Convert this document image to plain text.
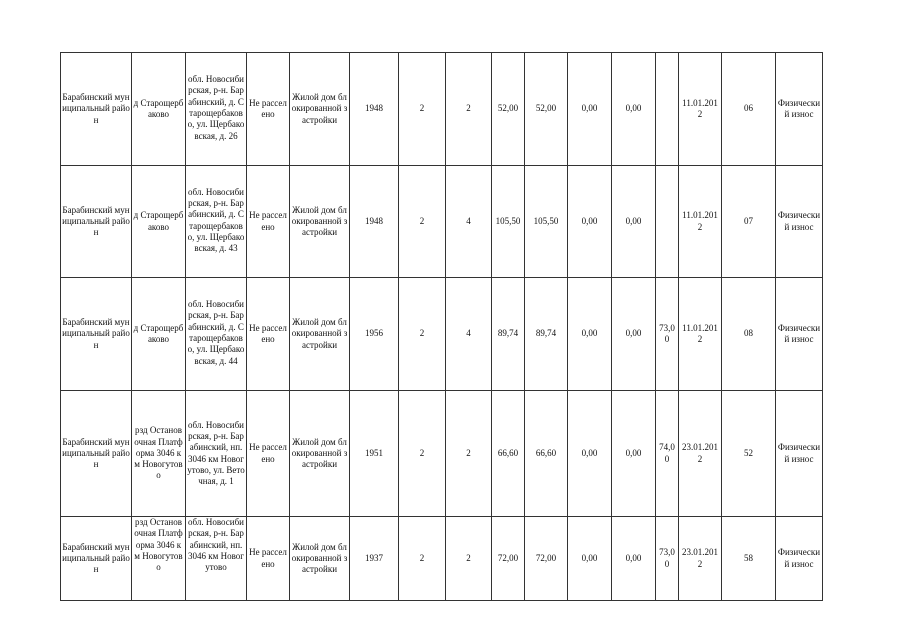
Барабинский муниципальный район	д Старощербаково	обл. Новосибирская, р-н. Барабинский, д. Старощербаково, ул. Щербаковская, д. 26	Не расселено	Жилой дом блокированной застройки	1948	2	2	52,00	52,00	0,00	0,00		11.01.2012	06	Физический износ
Барабинский муниципальный район	д Старощербаково	обл. Новосибирская, р-н. Барабинский, д. Старощербаково, ул. Щербаковская, д. 43	Не расселено	Жилой дом блокированной застройки	1948	2	4	105,50	105,50	0,00	0,00		11.01.2012	07	Физический износ
Барабинский муниципальный район	д Старощербаково	обл. Новосибирская, р-н. Барабинский, д. Старощербаково, ул. Щербаковская, д. 44	Не расселено	Жилой дом блокированной застройки	1956	2	4	89,74	89,74	0,00	0,00	73,00	11.01.2012	08	Физический износ
Барабинский муниципальный район	рзд Остановочная Платформа 3046 км Новогутово	обл. Новосибирская, р-н. Барабинский, нп. 3046 км Новогутово, ул. Веточная, д. 1	Не расселено	Жилой дом блокированной застройки	1951	2	2	66,60	66,60	0,00	0,00	74,00	23.01.2012	52	Физический износ
Барабинский муниципальный район	рзд Остановочная Платформа 3046 км Новогутово	обл. Новосибирская, р-н. Барабинский, нп. 3046 км Новогутово	Не расселено	Жилой дом блокированной застройки	1937	2	2	72,00	72,00	0,00	0,00	73,00	23.01.2012	58	Физический износ
